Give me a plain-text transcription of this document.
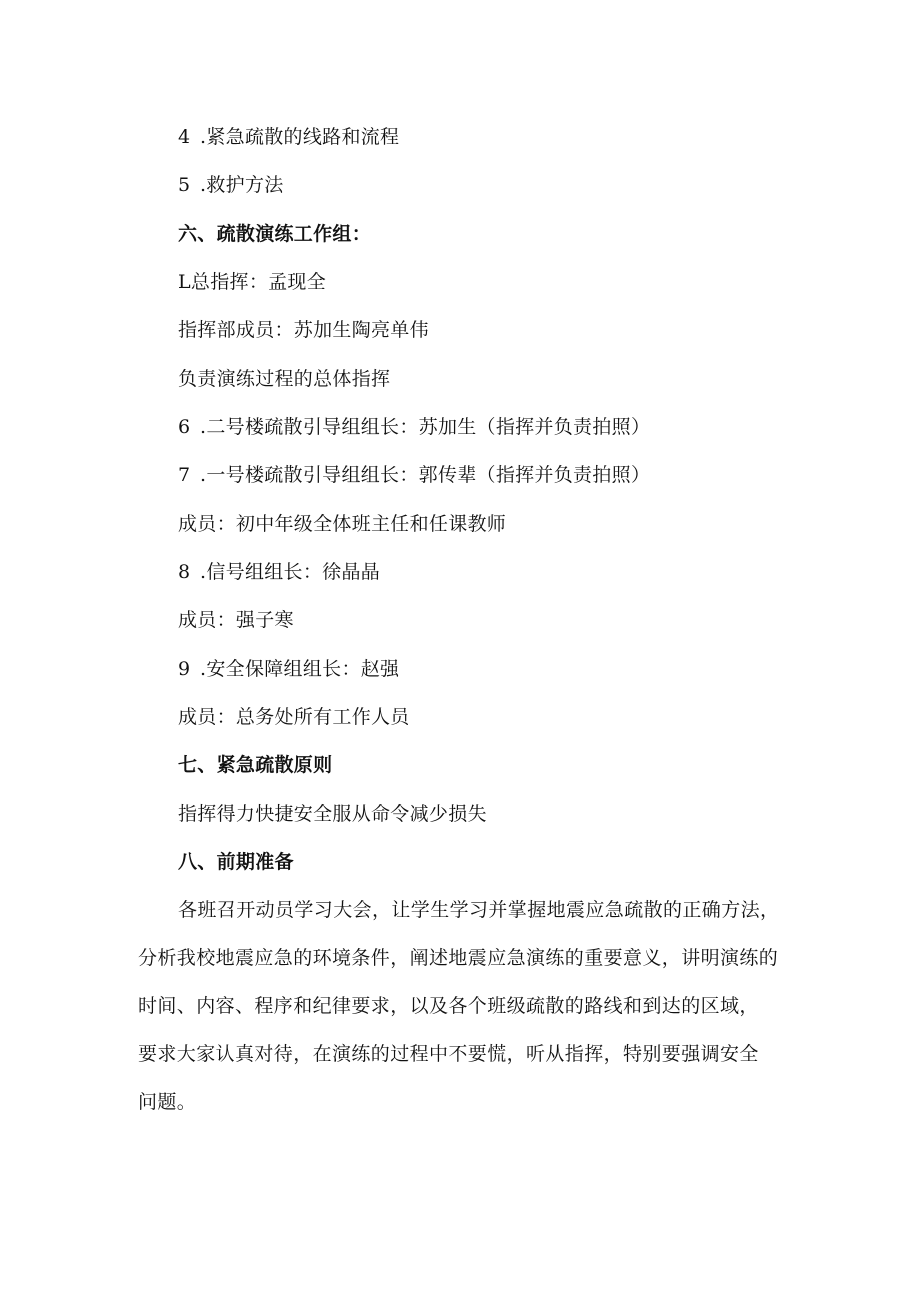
4 .紧急疏散的线路和流程
5 .救护方法
六、疏散演练工作组：
L总指挥：孟现全
指挥部成员：苏加生陶亮单伟
负责演练过程的总体指挥
6 .二号楼疏散引导组组长：苏加生（指挥并负责拍照）
7 .一号楼疏散引导组组长：郭传辈（指挥并负责拍照）
成员：初中年级全体班主任和任课教师
8 .信号组组长：徐晶晶
成员：强子寒
9 .安全保障组组长：赵强
成员：总务处所有工作人员
七、紧急疏散原则
指挥得力快捷安全服从命令减少损失
八、前期准备
各班召开动员学习大会，让学生学习并掌握地震应急疏散的正确方法，
分析我校地震应急的环境条件，阐述地震应急演练的重要意义，讲明演练的
时间、内容、程序和纪律要求，以及各个班级疏散的路线和到达的区域，
要求大家认真对待，在演练的过程中不要慌，听从指挥，特别要强调安全
问题。
